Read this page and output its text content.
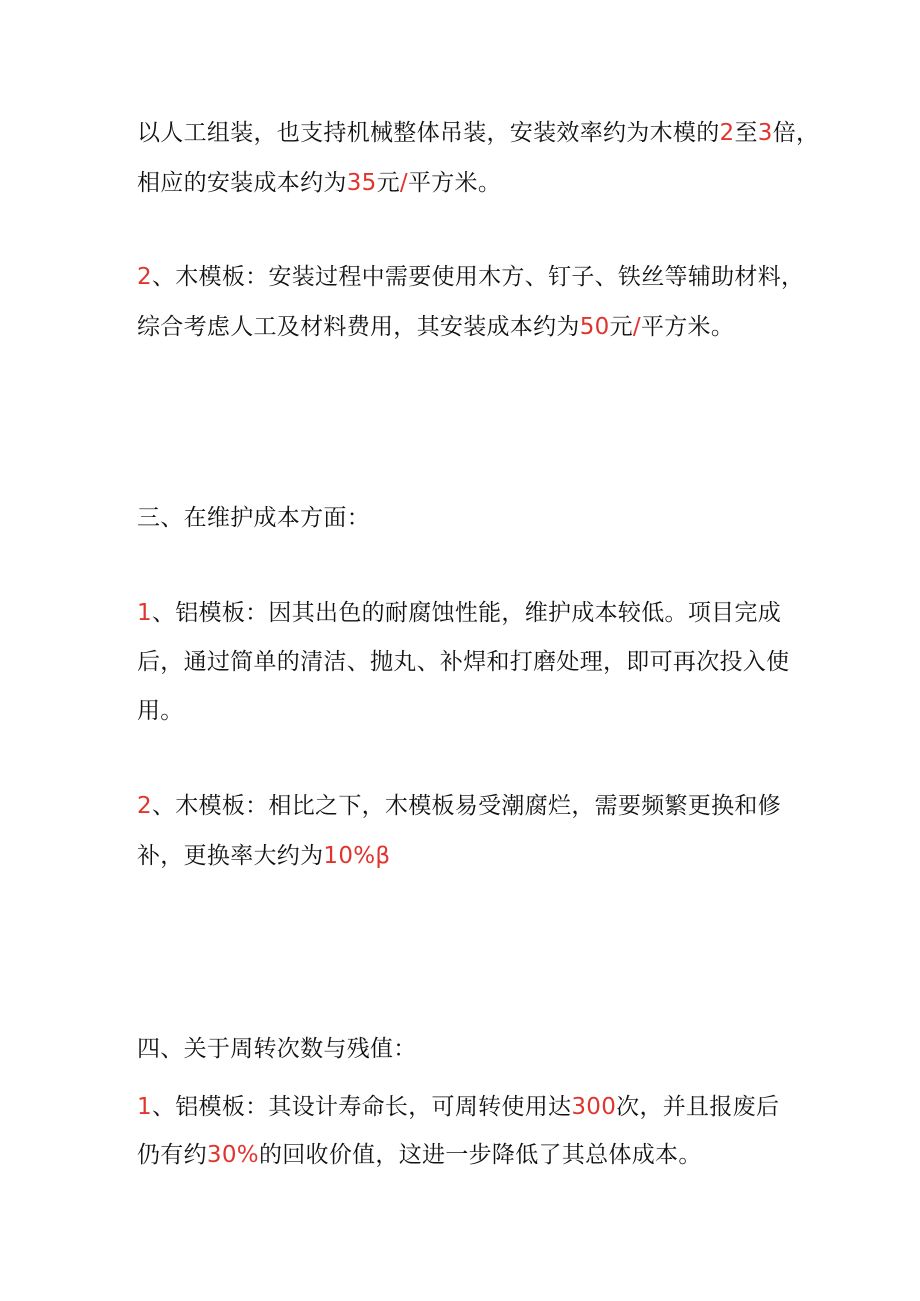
以人工组装，也支持机械整体吊装，安装效率约为木模的2至3倍，
相应的安装成本约为35元/平方米。
2、木模板：安装过程中需要使用木方、钉子、铁丝等辅助材料，
综合考虑人工及材料费用，其安装成本约为50元/平方米。
三、在维护成本方面：
1、铝模板：因其出色的耐腐蚀性能，维护成本较低。项目完成
后，通过简单的清洁、抛丸、补焊和打磨处理，即可再次投入使
用。
2、木模板：相比之下，木模板易受潮腐烂，需要频繁更换和修
补，更换率大约为10%β
四、关于周转次数与残值：
1、铝模板：其设计寿命长，可周转使用达300次，并且报废后
仍有约30%的回收价值，这进一步降低了其总体成本。
